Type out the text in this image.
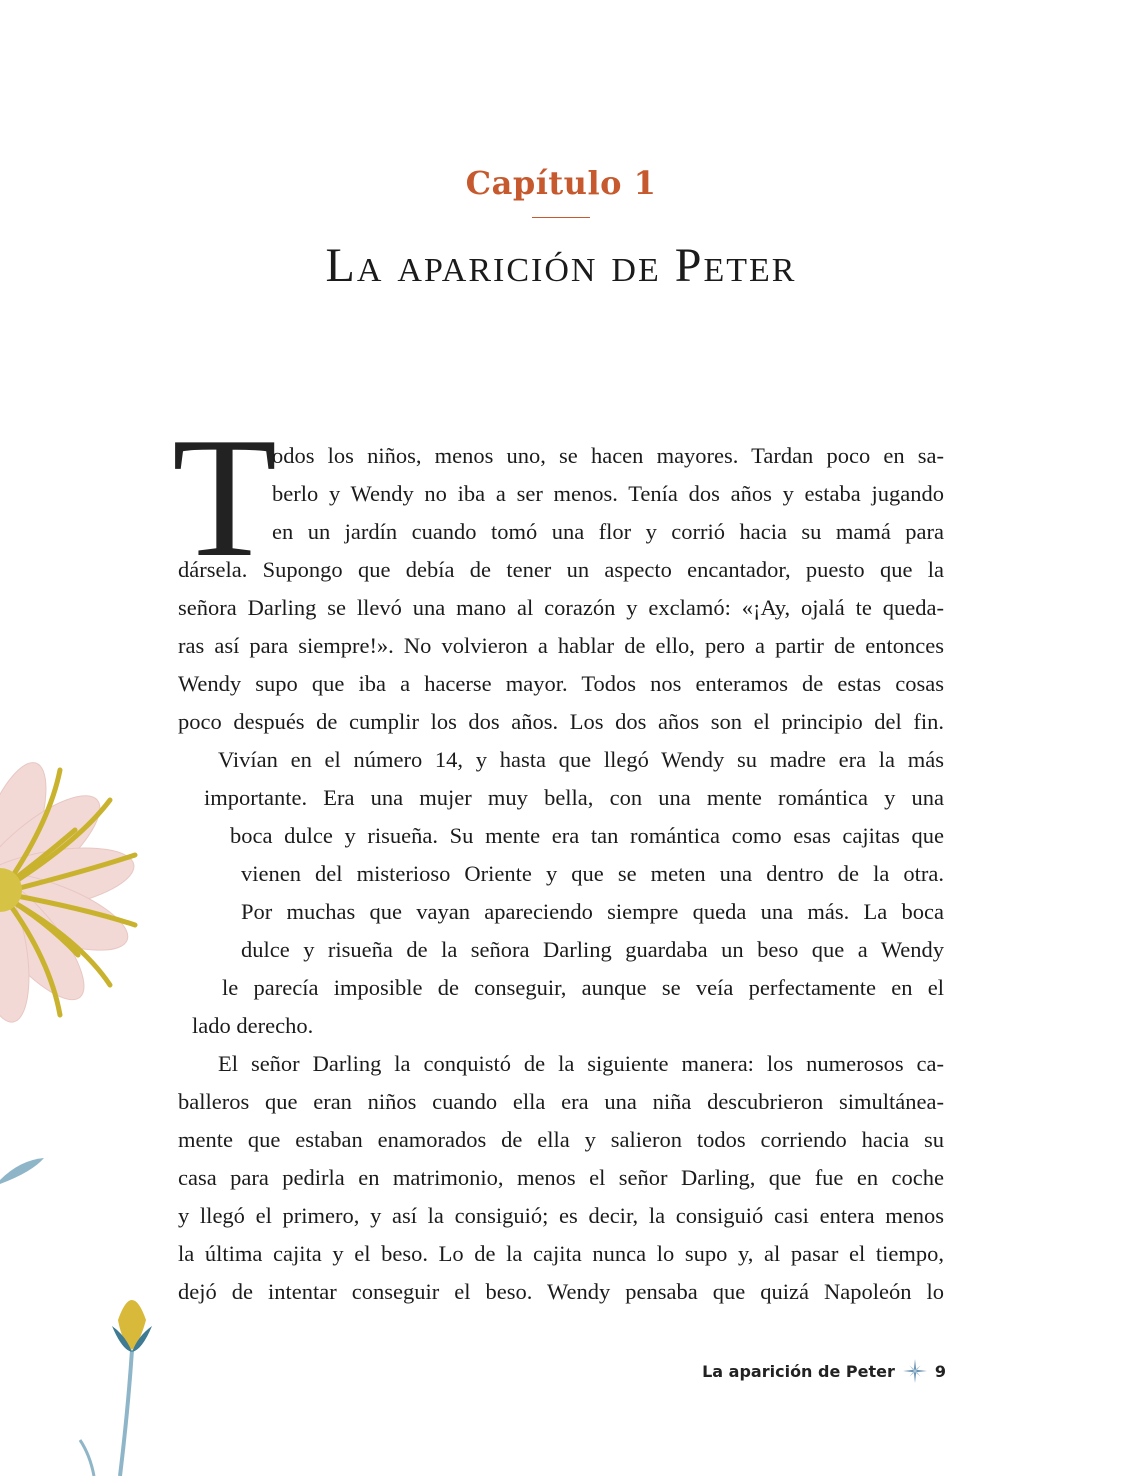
Capítulo 1
La aparición de Peter
T
odos los niños, menos uno, se hacen mayores. Tardan poco en sa-
berlo y Wendy no iba a ser menos. Tenía dos años y estaba jugando
en un jardín cuando tomó una flor y corrió hacia su mamá para
dársela. Supongo que debía de tener un aspecto encantador, puesto que la
señora Darling se llevó una mano al corazón y exclamó: «¡Ay, ojalá te queda-
ras así para siempre!». No volvieron a hablar de ello, pero a partir de entonces
Wendy supo que iba a hacerse mayor. Todos nos enteramos de estas cosas
poco después de cumplir los dos años. Los dos años son el principio del fin.
Vivían en el número 14, y hasta que llegó Wendy su madre era la más
importante. Era una mujer muy bella, con una mente romántica y una
boca dulce y risueña. Su mente era tan romántica como esas cajitas que
vienen del misterioso Oriente y que se meten una dentro de la otra.
Por muchas que vayan apareciendo siempre queda una más. La boca
dulce y risueña de la señora Darling guardaba un beso que a Wendy
le parecía imposible de conseguir, aunque se veía perfectamente en el
lado derecho.
El señor Darling la conquistó de la siguiente manera: los numerosos ca-
balleros que eran niños cuando ella era una niña descubrieron simultánea-
mente que estaban enamorados de ella y salieron todos corriendo hacia su
casa para pedirla en matrimonio, menos el señor Darling, que fue en coche
y llegó el primero, y así la consiguió; es decir, la consiguió casi entera menos
la última cajita y el beso. Lo de la cajita nunca lo supo y, al pasar el tiempo,
dejó de intentar conseguir el beso. Wendy pensaba que quizá Napoleón lo
La aparición de Peter	9
